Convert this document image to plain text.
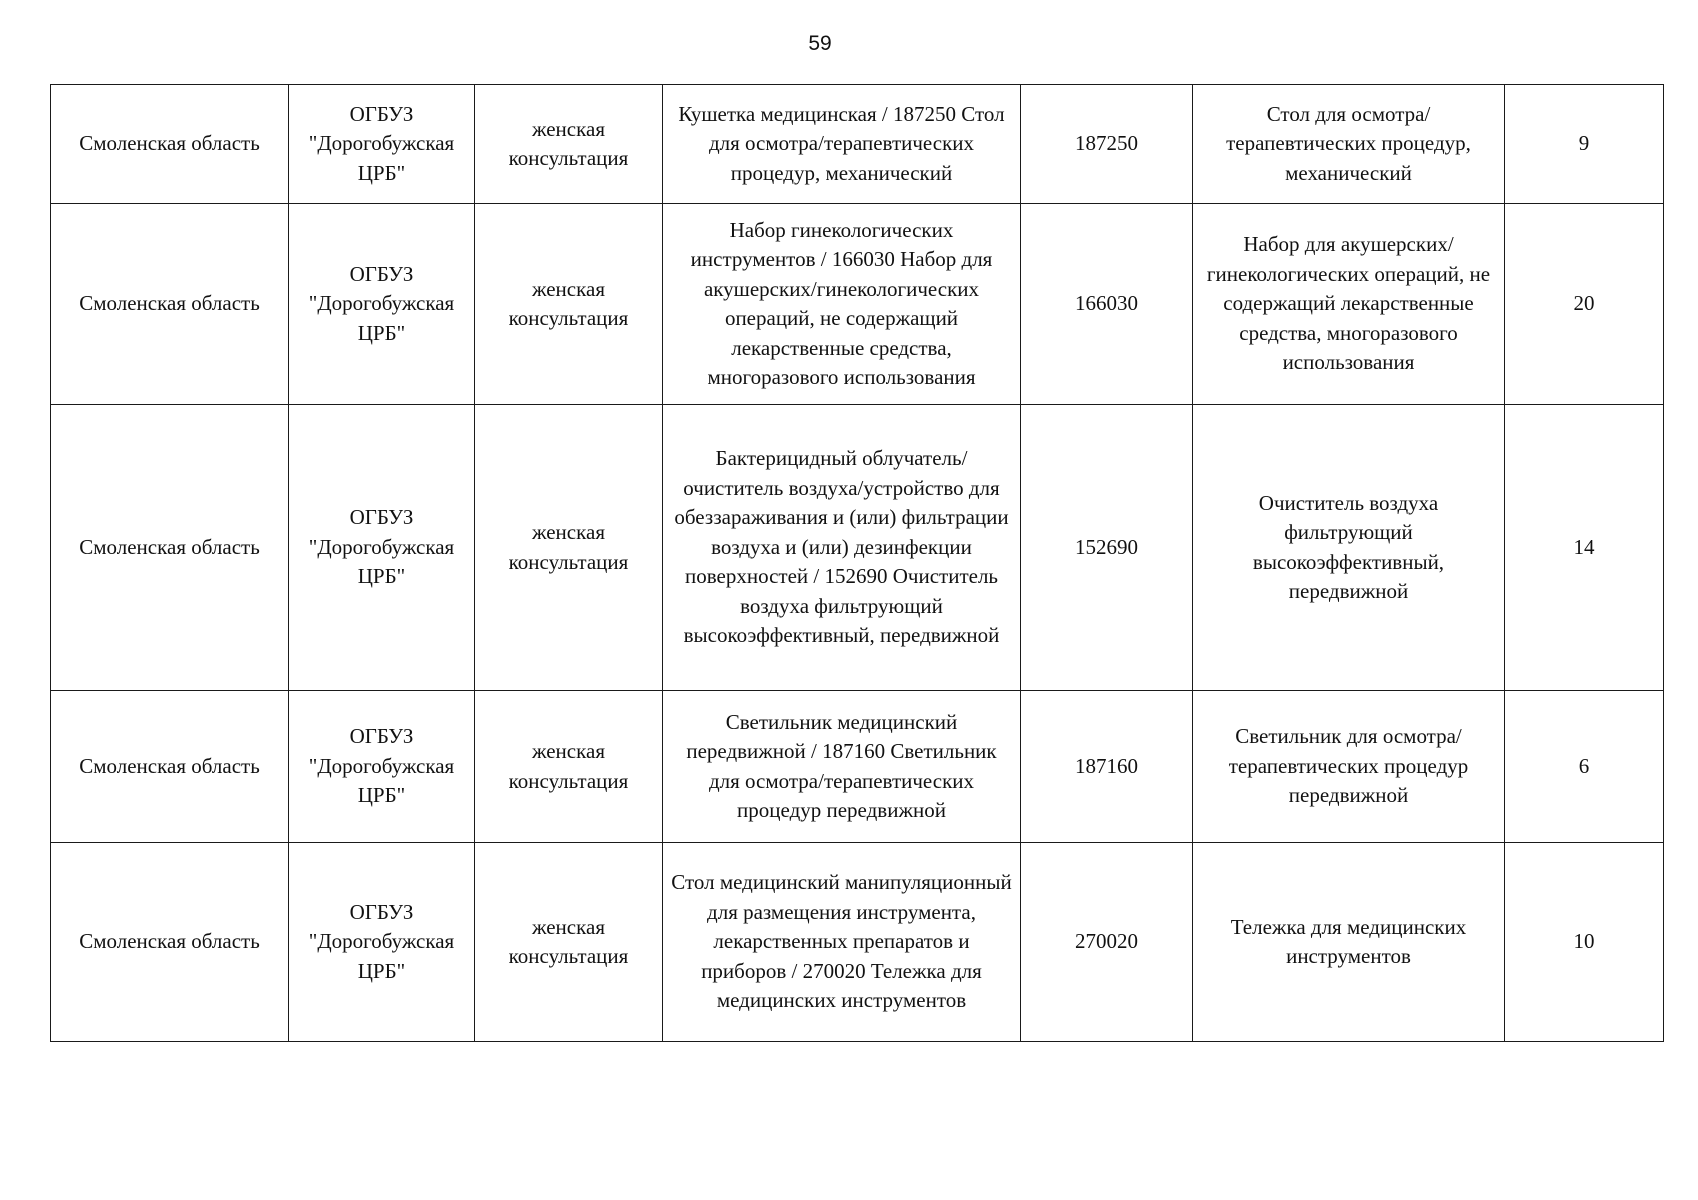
59
Смоленская область	ОГБУЗ "Дорогобужская ЦРБ"	женская консультация	Кушетка медицинская / 187250 Стол для осмотра/терапевтических процедур, механический	187250	Стол для осмотра/терапевтических процедур, механический	9
Смоленская область	ОГБУЗ "Дорогобужская ЦРБ"	женская консультация	Набор гинекологических инструментов / 166030 Набор для акушерских/гинекологических операций, не содержащий лекарственные средства, многоразового использования	166030	Набор для акушерских/гинекологических операций, не содержащий лекарственные средства, многоразового использования	20
Смоленская область	ОГБУЗ "Дорогобужская ЦРБ"	женская консультация	Бактерицидный облучатель/очиститель воздуха/устройство для обеззараживания и (или) фильтрации воздуха и (или) дезинфекции поверхностей / 152690 Очиститель воздуха фильтрующий высокоэффективный, передвижной	152690	Очиститель воздуха фильтрующий высокоэффективный, передвижной	14
Смоленская область	ОГБУЗ "Дорогобужская ЦРБ"	женская консультация	Светильник медицинский передвижной / 187160 Светильник для осмотра/терапевтических процедур передвижной	187160	Светильник для осмотра/терапевтических процедур передвижной	6
Смоленская область	ОГБУЗ "Дорогобужская ЦРБ"	женская консультация	Стол медицинский манипуляционный для размещения инструмента, лекарственных препаратов и приборов / 270020 Тележка для медицинских инструментов	270020	Тележка для медицинских инструментов	10
